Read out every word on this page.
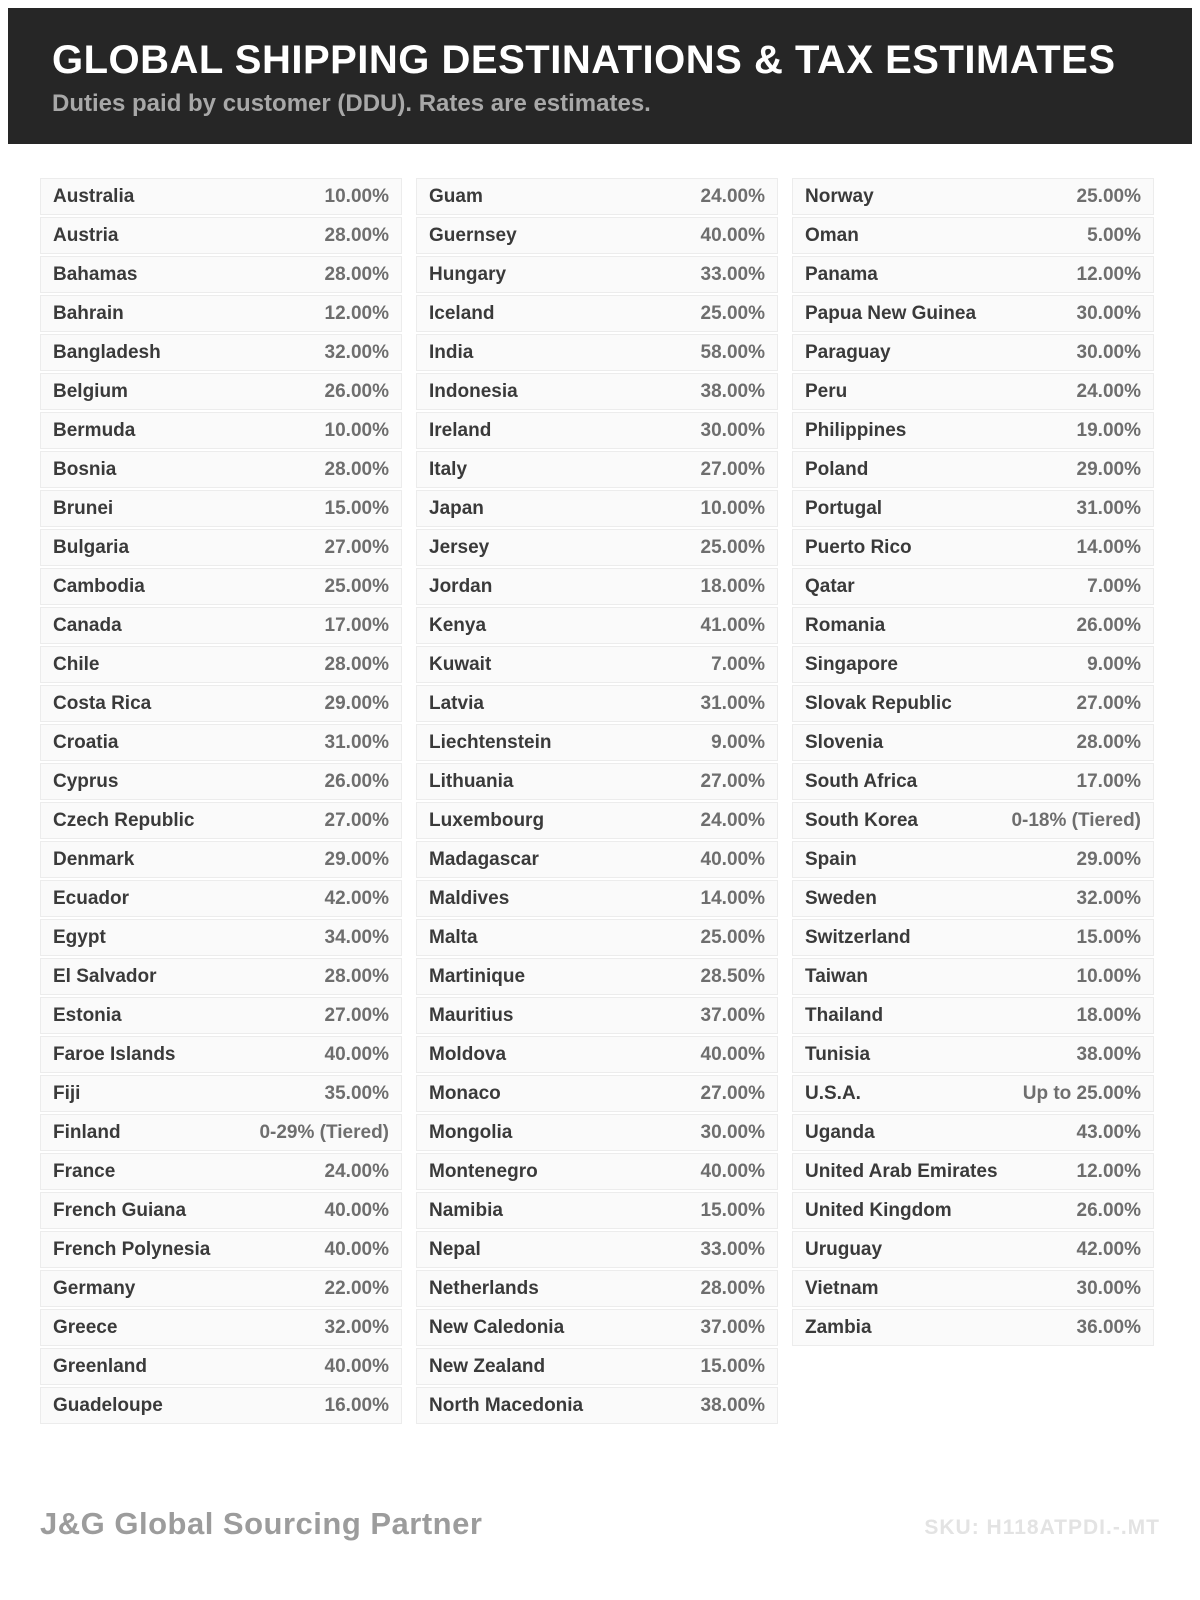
GLOBAL SHIPPING DESTINATIONS & TAX ESTIMATES
Duties paid by customer (DDU). Rates are estimates.
Australia	10.00%
Austria	28.00%
Bahamas	28.00%
Bahrain	12.00%
Bangladesh	32.00%
Belgium	26.00%
Bermuda	10.00%
Bosnia	28.00%
Brunei	15.00%
Bulgaria	27.00%
Cambodia	25.00%
Canada	17.00%
Chile	28.00%
Costa Rica	29.00%
Croatia	31.00%
Cyprus	26.00%
Czech Republic	27.00%
Denmark	29.00%
Ecuador	42.00%
Egypt	34.00%
El Salvador	28.00%
Estonia	27.00%
Faroe Islands	40.00%
Fiji	35.00%
Finland	0-29% (Tiered)
France	24.00%
French Guiana	40.00%
French Polynesia	40.00%
Germany	22.00%
Greece	32.00%
Greenland	40.00%
Guadeloupe	16.00%
Guam	24.00%
Guernsey	40.00%
Hungary	33.00%
Iceland	25.00%
India	58.00%
Indonesia	38.00%
Ireland	30.00%
Italy	27.00%
Japan	10.00%
Jersey	25.00%
Jordan	18.00%
Kenya	41.00%
Kuwait	7.00%
Latvia	31.00%
Liechtenstein	9.00%
Lithuania	27.00%
Luxembourg	24.00%
Madagascar	40.00%
Maldives	14.00%
Malta	25.00%
Martinique	28.50%
Mauritius	37.00%
Moldova	40.00%
Monaco	27.00%
Mongolia	30.00%
Montenegro	40.00%
Namibia	15.00%
Nepal	33.00%
Netherlands	28.00%
New Caledonia	37.00%
New Zealand	15.00%
North Macedonia	38.00%
Norway	25.00%
Oman	5.00%
Panama	12.00%
Papua New Guinea	30.00%
Paraguay	30.00%
Peru	24.00%
Philippines	19.00%
Poland	29.00%
Portugal	31.00%
Puerto Rico	14.00%
Qatar	7.00%
Romania	26.00%
Singapore	9.00%
Slovak Republic	27.00%
Slovenia	28.00%
South Africa	17.00%
South Korea	0-18% (Tiered)
Spain	29.00%
Sweden	32.00%
Switzerland	15.00%
Taiwan	10.00%
Thailand	18.00%
Tunisia	38.00%
U.S.A.	Up to 25.00%
Uganda	43.00%
United Arab Emirates	12.00%
United Kingdom	26.00%
Uruguay	42.00%
Vietnam	30.00%
Zambia	36.00%
J&G Global Sourcing Partner	SKU: H118ATPDI.-.MT
